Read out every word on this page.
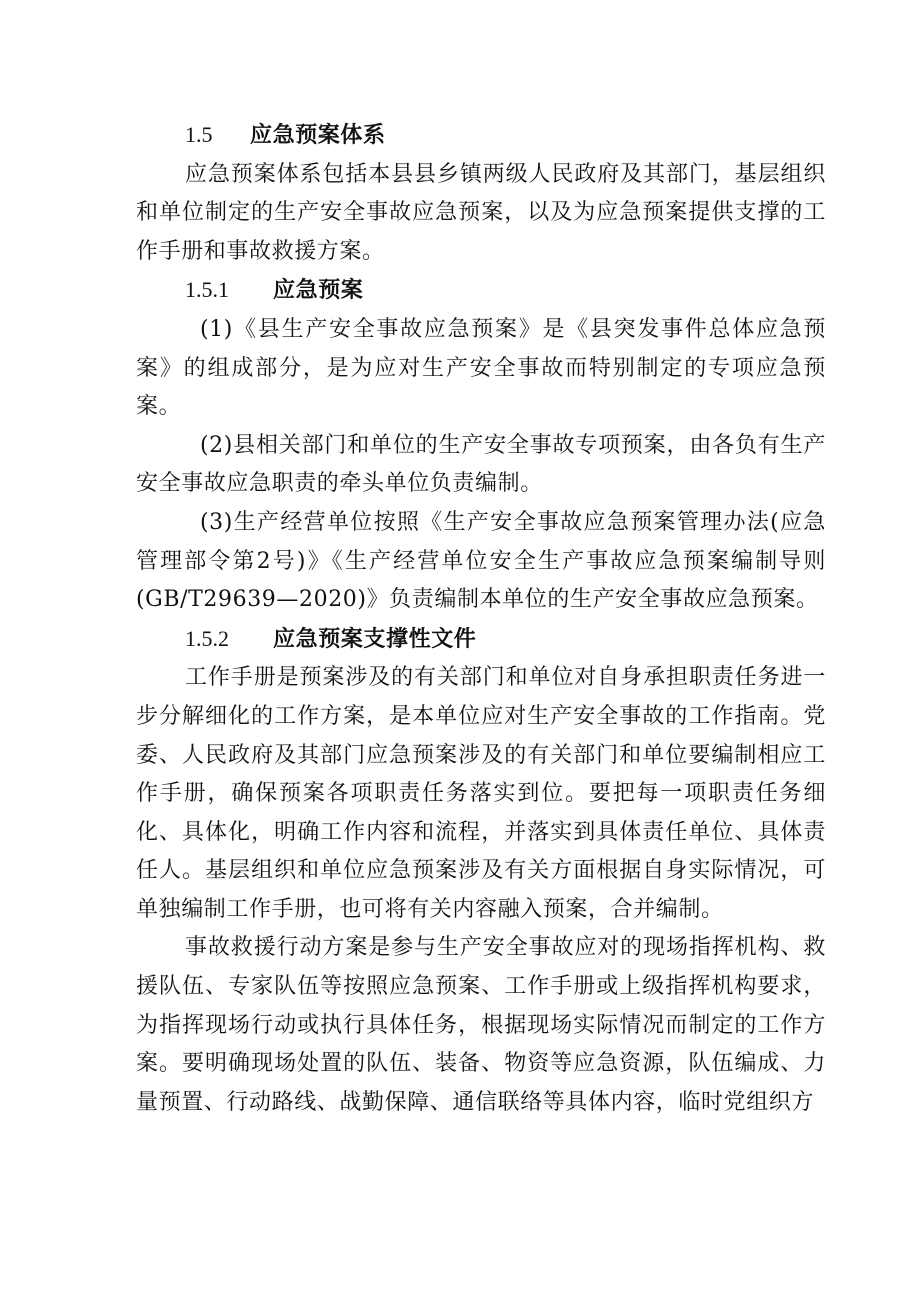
1.5 应急预案体系

应急预案体系包括本县县乡镇两级人民政府及其部门，基层组织和单位制定的生产安全事故应急预案，以及为应急预案提供支撑的工作手册和事故救援方案。

1.5.1 应急预案

(1)《县生产安全事故应急预案》是《县突发事件总体应急预案》的组成部分，是为应对生产安全事故而特别制定的专项应急预案。

(2)县相关部门和单位的生产安全事故专项预案，由各负有生产安全事故应急职责的牵头单位负责编制。

(3)生产经营单位按照《生产安全事故应急预案管理办法(应急管理部令第2号)》《生产经营单位安全生产事故应急预案编制导则(GB/T29639—2020)》负责编制本单位的生产安全事故应急预案。

1.5.2 应急预案支撑性文件

工作手册是预案涉及的有关部门和单位对自身承担职责任务进一步分解细化的工作方案，是本单位应对生产安全事故的工作指南。党委、人民政府及其部门应急预案涉及的有关部门和单位要编制相应工作手册，确保预案各项职责任务落实到位。要把每一项职责任务细化、具体化，明确工作内容和流程，并落实到具体责任单位、具体责任人。基层组织和单位应急预案涉及有关方面根据自身实际情况，可单独编制工作手册，也可将有关内容融入预案，合并编制。

事故救援行动方案是参与生产安全事故应对的现场指挥机构、救援队伍、专家队伍等按照应急预案、工作手册或上级指挥机构要求，为指挥现场行动或执行具体任务，根据现场实际情况而制定的工作方案。要明确现场处置的队伍、装备、物资等应急资源，队伍编成、力量预置、行动路线、战勤保障、通信联络等具体内容，临时党组织方
